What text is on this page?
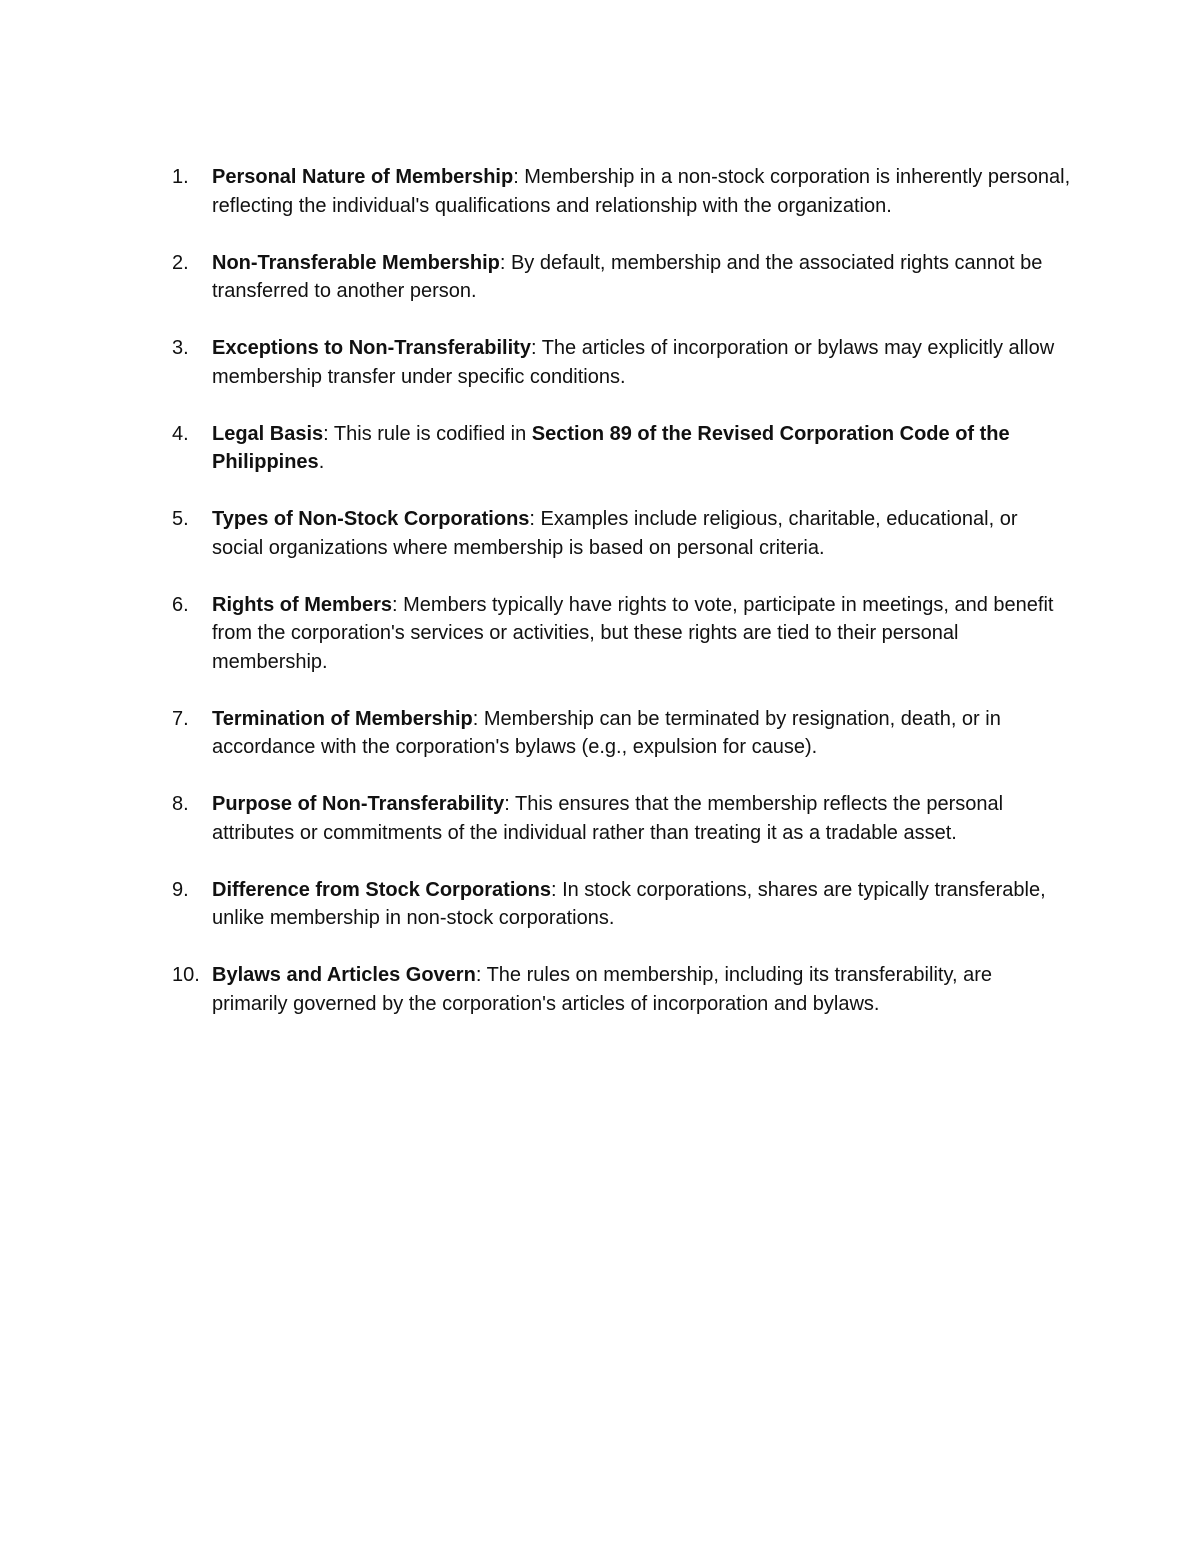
1.	Personal Nature of Membership: Membership in a non-stock corporation is inherently personal, reflecting the individual's qualifications and relationship with the organization.
2.	Non-Transferable Membership: By default, membership and the associated rights cannot be transferred to another person.
3.	Exceptions to Non-Transferability: The articles of incorporation or bylaws may explicitly allow membership transfer under specific conditions.
4.	Legal Basis: This rule is codified in Section 89 of the Revised Corporation Code of the Philippines.
5.	Types of Non-Stock Corporations: Examples include religious, charitable, educational, or social organizations where membership is based on personal criteria.
6.	Rights of Members: Members typically have rights to vote, participate in meetings, and benefit from the corporation's services or activities, but these rights are tied to their personal membership.
7.	Termination of Membership: Membership can be terminated by resignation, death, or in accordance with the corporation's bylaws (e.g., expulsion for cause).
8.	Purpose of Non-Transferability: This ensures that the membership reflects the personal attributes or commitments of the individual rather than treating it as a tradable asset.
9.	Difference from Stock Corporations: In stock corporations, shares are typically transferable, unlike membership in non-stock corporations.
10. Bylaws and Articles Govern: The rules on membership, including its transferability, are primarily governed by the corporation's articles of incorporation and bylaws.
